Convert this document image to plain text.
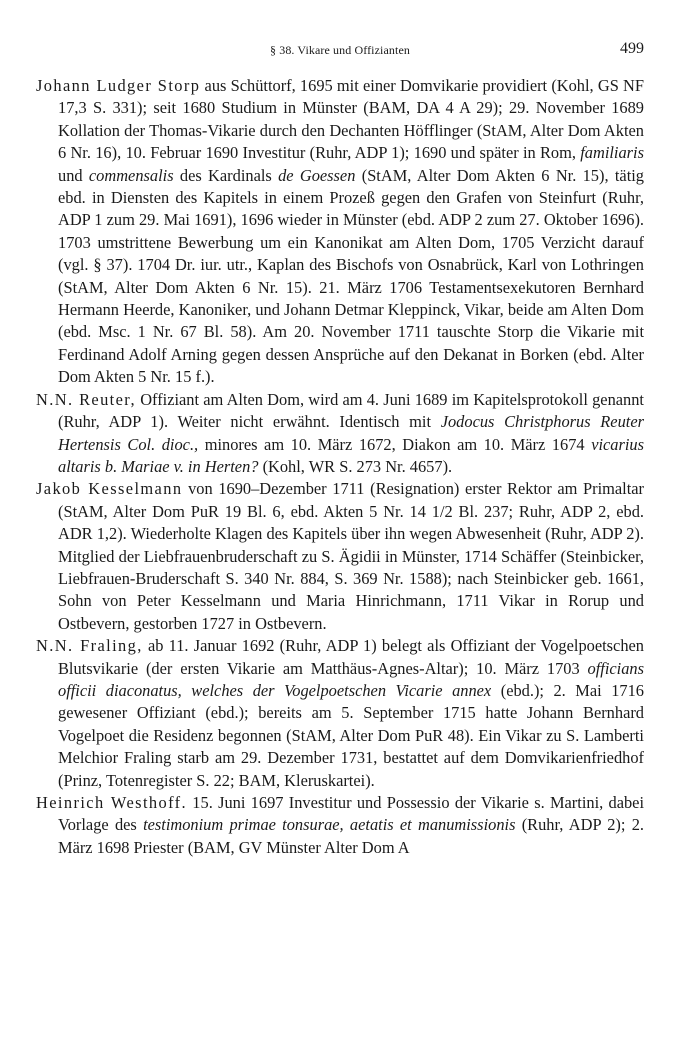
§ 38. Vikare und Offizianten	499

Johann Ludger Storp aus Schüttorf, 1695 mit einer Domvikarie providiert (Kohl, GS NF 17,3 S. 331); seit 1680 Studium in Münster (BAM, DA 4 A 29); 29. November 1689 Kollation der Thomas-Vikarie durch den Dechanten Höfflinger (StAM, Alter Dom Akten 6 Nr. 16), 10. Februar 1690 Investitur (Ruhr, ADP 1); 1690 und später in Rom, familiaris und commensalis des Kardinals de Goessen (StAM, Alter Dom Akten 6 Nr. 15), tätig ebd. in Diensten des Kapitels in einem Prozeß gegen den Grafen von Steinfurt (Ruhr, ADP 1 zum 29. Mai 1691), 1696 wieder in Münster (ebd. ADP 2 zum 27. Oktober 1696). 1703 umstrittene Bewerbung um ein Kanonikat am Alten Dom, 1705 Verzicht darauf (vgl. § 37). 1704 Dr. iur. utr., Kaplan des Bischofs von Osnabrück, Karl von Lothringen (StAM, Alter Dom Akten 6 Nr. 15). 21. März 1706 Testamentsexekutoren Bernhard Hermann Heerde, Kanoniker, und Johann Detmar Kleppinck, Vikar, beide am Alten Dom (ebd. Msc. 1 Nr. 67 Bl. 58). Am 20. November 1711 tauschte Storp die Vikarie mit Ferdinand Adolf Arning gegen dessen Ansprüche auf den Dekanat in Borken (ebd. Alter Dom Akten 5 Nr. 15 f.).

N.N. Reuter, Offiziant am Alten Dom, wird am 4. Juni 1689 im Kapitelsprotokoll genannt (Ruhr, ADP 1). Weiter nicht erwähnt. Identisch mit Jodocus Christphorus Reuter Hertensis Col. dioc., minores am 10. März 1672, Diakon am 10. März 1674 vicarius altaris b. Mariae v. in Herten? (Kohl, WR S. 273 Nr. 4657).

Jakob Kesselmann von 1690–Dezember 1711 (Resignation) erster Rektor am Primaltar (StAM, Alter Dom PuR 19 Bl. 6, ebd. Akten 5 Nr. 14 1/2 Bl. 237; Ruhr, ADP 2, ebd. ADR 1,2). Wiederholte Klagen des Kapitels über ihn wegen Abwesenheit (Ruhr, ADP 2). Mitglied der Liebfrauenbruderschaft zu S. Ägidii in Münster, 1714 Schäffer (Steinbicker, Liebfrauen-Bruderschaft S. 340 Nr. 884, S. 369 Nr. 1588); nach Steinbicker geb. 1661, Sohn von Peter Kesselmann und Maria Hinrichmann, 1711 Vikar in Rorup und Ostbevern, gestorben 1727 in Ostbevern.

N.N. Fraling, ab 11. Januar 1692 (Ruhr, ADP 1) belegt als Offiziant der Vogelpoetschen Blutsvikarie (der ersten Vikarie am Matthäus-Agnes-Altar); 10. März 1703 officians officii diaconatus, welches der Vogelpoetschen Vicarie annex (ebd.); 2. Mai 1716 gewesener Offiziant (ebd.); bereits am 5. September 1715 hatte Johann Bernhard Vogelpoet die Residenz begonnen (StAM, Alter Dom PuR 48). Ein Vikar zu S. Lamberti Melchior Fraling starb am 29. Dezember 1731, bestattet auf dem Domvikarienfriedhof (Prinz, Totenregister S. 22; BAM, Kleruskartei).

Heinrich Westhoff. 15. Juni 1697 Investitur und Possessio der Vikarie s. Martini, dabei Vorlage des testimonium primae tonsurae, aetatis et manumissionis (Ruhr, ADP 2); 2. März 1698 Priester (BAM, GV Münster Alter Dom A
